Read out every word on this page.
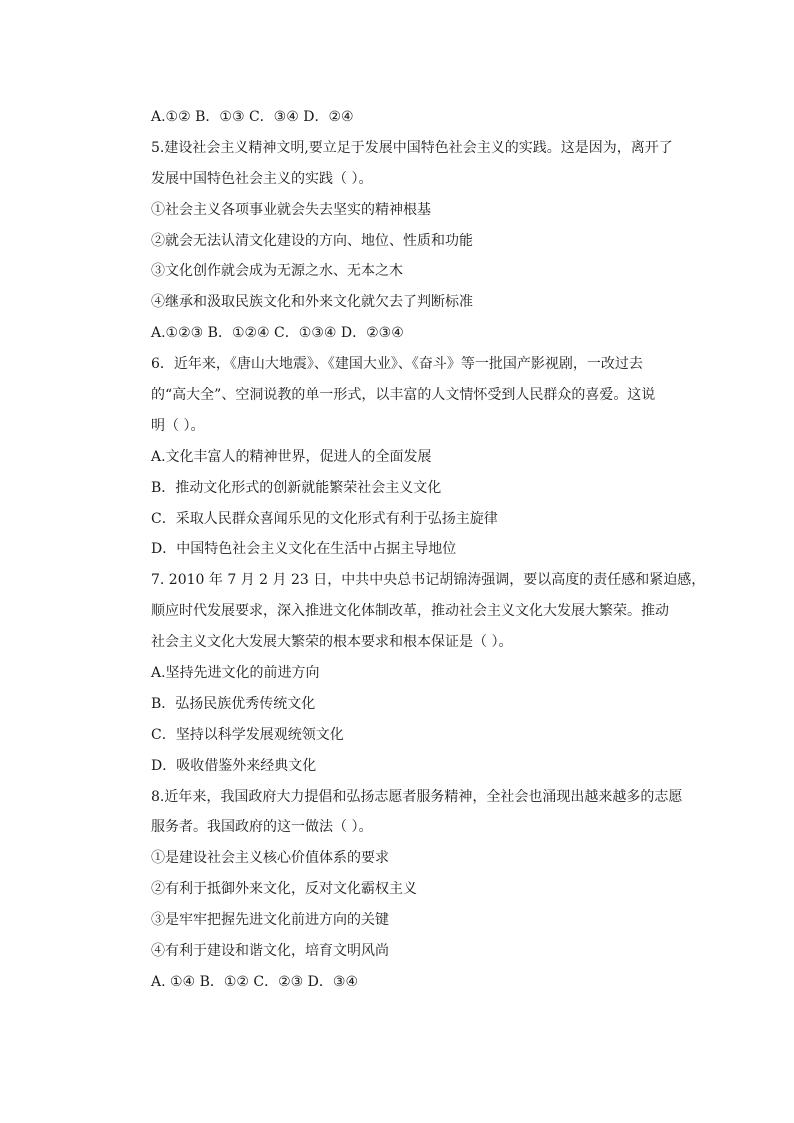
A.①② B．①③ C．③④ D．②④
5.建设社会主义精神文明,要立足于发展中国特色社会主义的实践。这是因为，离开了
发展中国特色社会主义的实践（ ）。
①社会主义各项事业就会失去坚实的精神根基
②就会无法认清文化建设的方向、地位、性质和功能
③文化创作就会成为无源之水、无本之木
④继承和汲取民族文化和外来文化就欠去了判断标准
A.①②③ B．①②④ C．①③④ D．②③④
6．近年来，《唐山大地震》、《建国大业》、《奋斗》等一批国产影视剧，一改过去
的“高大全”、空洞说教的单一形式，以丰富的人文情怀受到人民群众的喜爱。这说
明（ ）。
A.文化丰富人的精神世界，促进人的全面发展
B．推动文化形式的创新就能繁荣社会主义文化
C．采取人民群众喜闻乐见的文化形式有利于弘扬主旋律
D．中国特色社会主义文化在生活中占据主导地位
7. 2010 年 7 月 2 月 23 日，中共中央总书记胡锦涛强调，要以高度的责任感和紧迫感，
顺应时代发展要求，深入推进文化体制改革，推动社会主义文化大发展大繁荣。推动
社会主义文化大发展大繁荣的根本要求和根本保证是（ ）。
A.坚持先进文化的前进方向
B．弘扬民族优秀传统文化
C．坚持以科学发展观统领文化
D．吸收借鉴外来经典文化
8.近年来，我国政府大力提倡和弘扬志愿者服务精神，全社会也涌现出越来越多的志愿
服务者。我国政府的这一做法（ ）。
①是建设社会主义核心价值体系的要求
②有利于抵御外来文化，反对文化霸权主义
③是牢牢把握先进文化前进方向的关键
④有利于建设和谐文化，培育文明风尚
A. ①④ B．①② C．②③ D．③④
